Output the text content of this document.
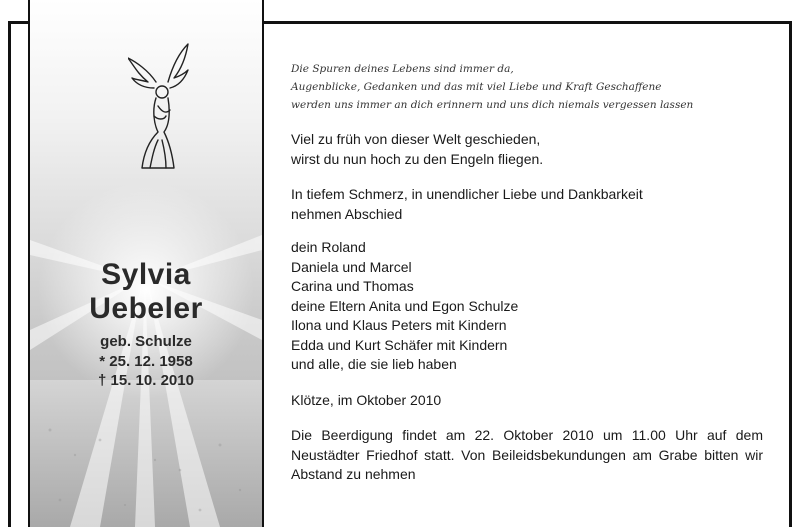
Sylvia
Uebeler
geb. Schulze
* 25. 12. 1958
† 15. 10. 2010
Die Spuren deines Lebens sind immer da,
Augenblicke, Gedanken und das mit viel Liebe und Kraft Geschaffene
werden uns immer an dich erinnern und uns dich niemals vergessen lassen
Viel zu früh von dieser Welt geschieden,
wirst du nun hoch zu den Engeln fliegen.
In tiefem Schmerz, in unendlicher Liebe und Dankbarkeit
nehmen Abschied
dein Roland
Daniela und Marcel
Carina und Thomas
deine Eltern Anita und Egon Schulze
Ilona und Klaus Peters mit Kindern
Edda und Kurt Schäfer mit Kindern
und alle, die sie lieb haben
Klötze, im Oktober 2010
Die Beerdigung findet am 22. Oktober 2010 um 11.00 Uhr auf dem Neustädter Friedhof statt. Von Beileidsbekundungen am Grabe bitten wir Abstand zu nehmen
